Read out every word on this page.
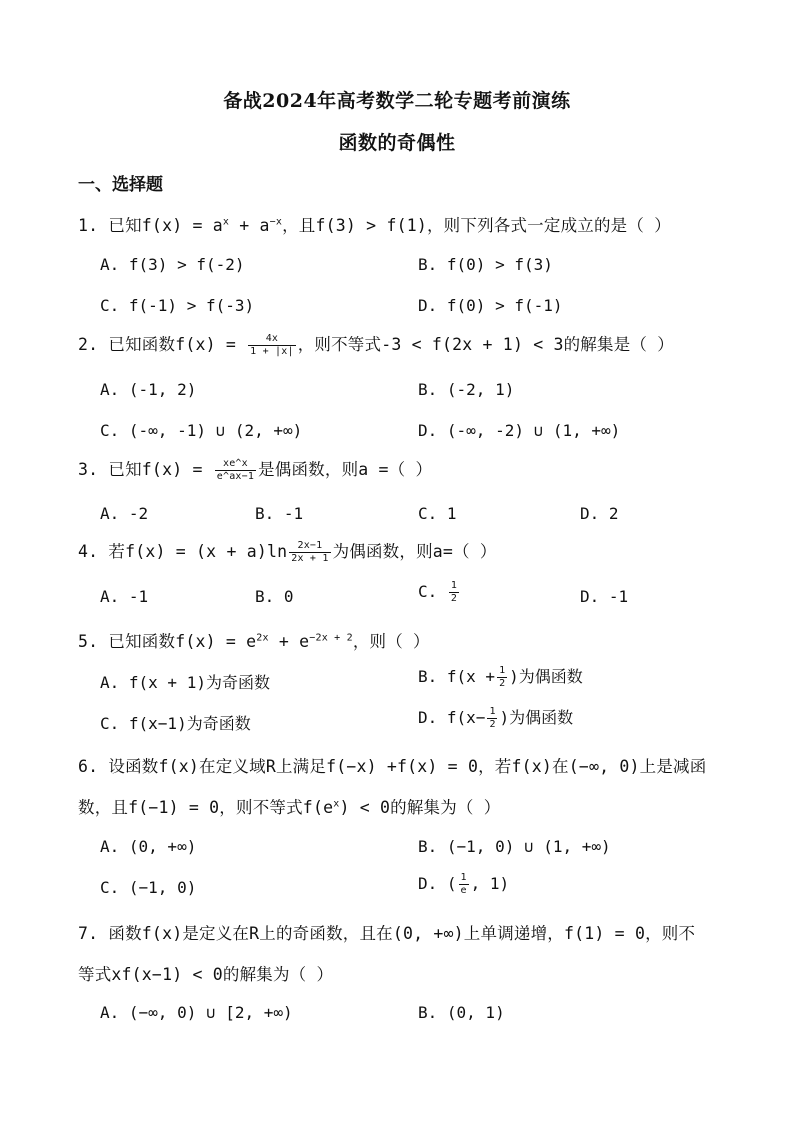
备战2024年高考数学二轮专题考前演练
函数的奇偶性
一、选择题
1. 已知$f(x) = a^x + a^{-x}$，且f(3) > f(1)，则下列各式一定成立的是（ ）
A. f(3) > f(-2)	B. f(0) > f(3)
C. f(-1) > f(-3)	D. f(0) > f(-1)
2. 已知函数$f(x) = \frac{4x}{1 + |x|}$ ，则不等式-3 < f(2x + 1) < 3的解集是（ ）
A. (-1, 2)	B. (-2, 1)
C. (-∞, -1) ∪ (2, +∞)	D. (-∞, -2) ∪ (1, +∞)
3. 已知$f(x) = \frac{xe\^{}x}{e\^{}ax-1}$ 是偶函数，则a =（ ）
A. -2	B. -1	C. 1	D. 2
4. 若$f(x) = (x + a)\ln \frac{2x-1}{2x + 1}$ 为偶函数，则a=（ ）
A. -1	B. 0	C. $\frac{1}{2}$	D. -1
5. 已知函数$f(x) = e^{2x} + e^{-2x + 2}$，则（ ）
A. f(x + 1)为奇函数	B. $f(x + \frac{1}{2}$ )为偶函数
C. f(x−1)为奇函数	D. $f(x- \frac{1}{2}$ )为偶函数
6. 设函数f(x)在定义域R上满足f(−x) +f(x) = 0，若f(x)在(−∞, 0)上是减函
数，且f(−1) = 0，则不等式$f(e^x) < 0$的解集为（ ）
A. (0, +∞)	B. (−1, 0) ∪ (1, +∞)
C. (−1, 0)	D. ( $\frac{1}{e}$ , 1)
7. 函数f(x)是定义在R上的奇函数，且在(0, +∞)上单调递增，f(1) = 0，则不
等式xf(x−1) < 0的解集为（ ）
A. (−∞, 0) ∪ [2, +∞)	B. (0, 1)
